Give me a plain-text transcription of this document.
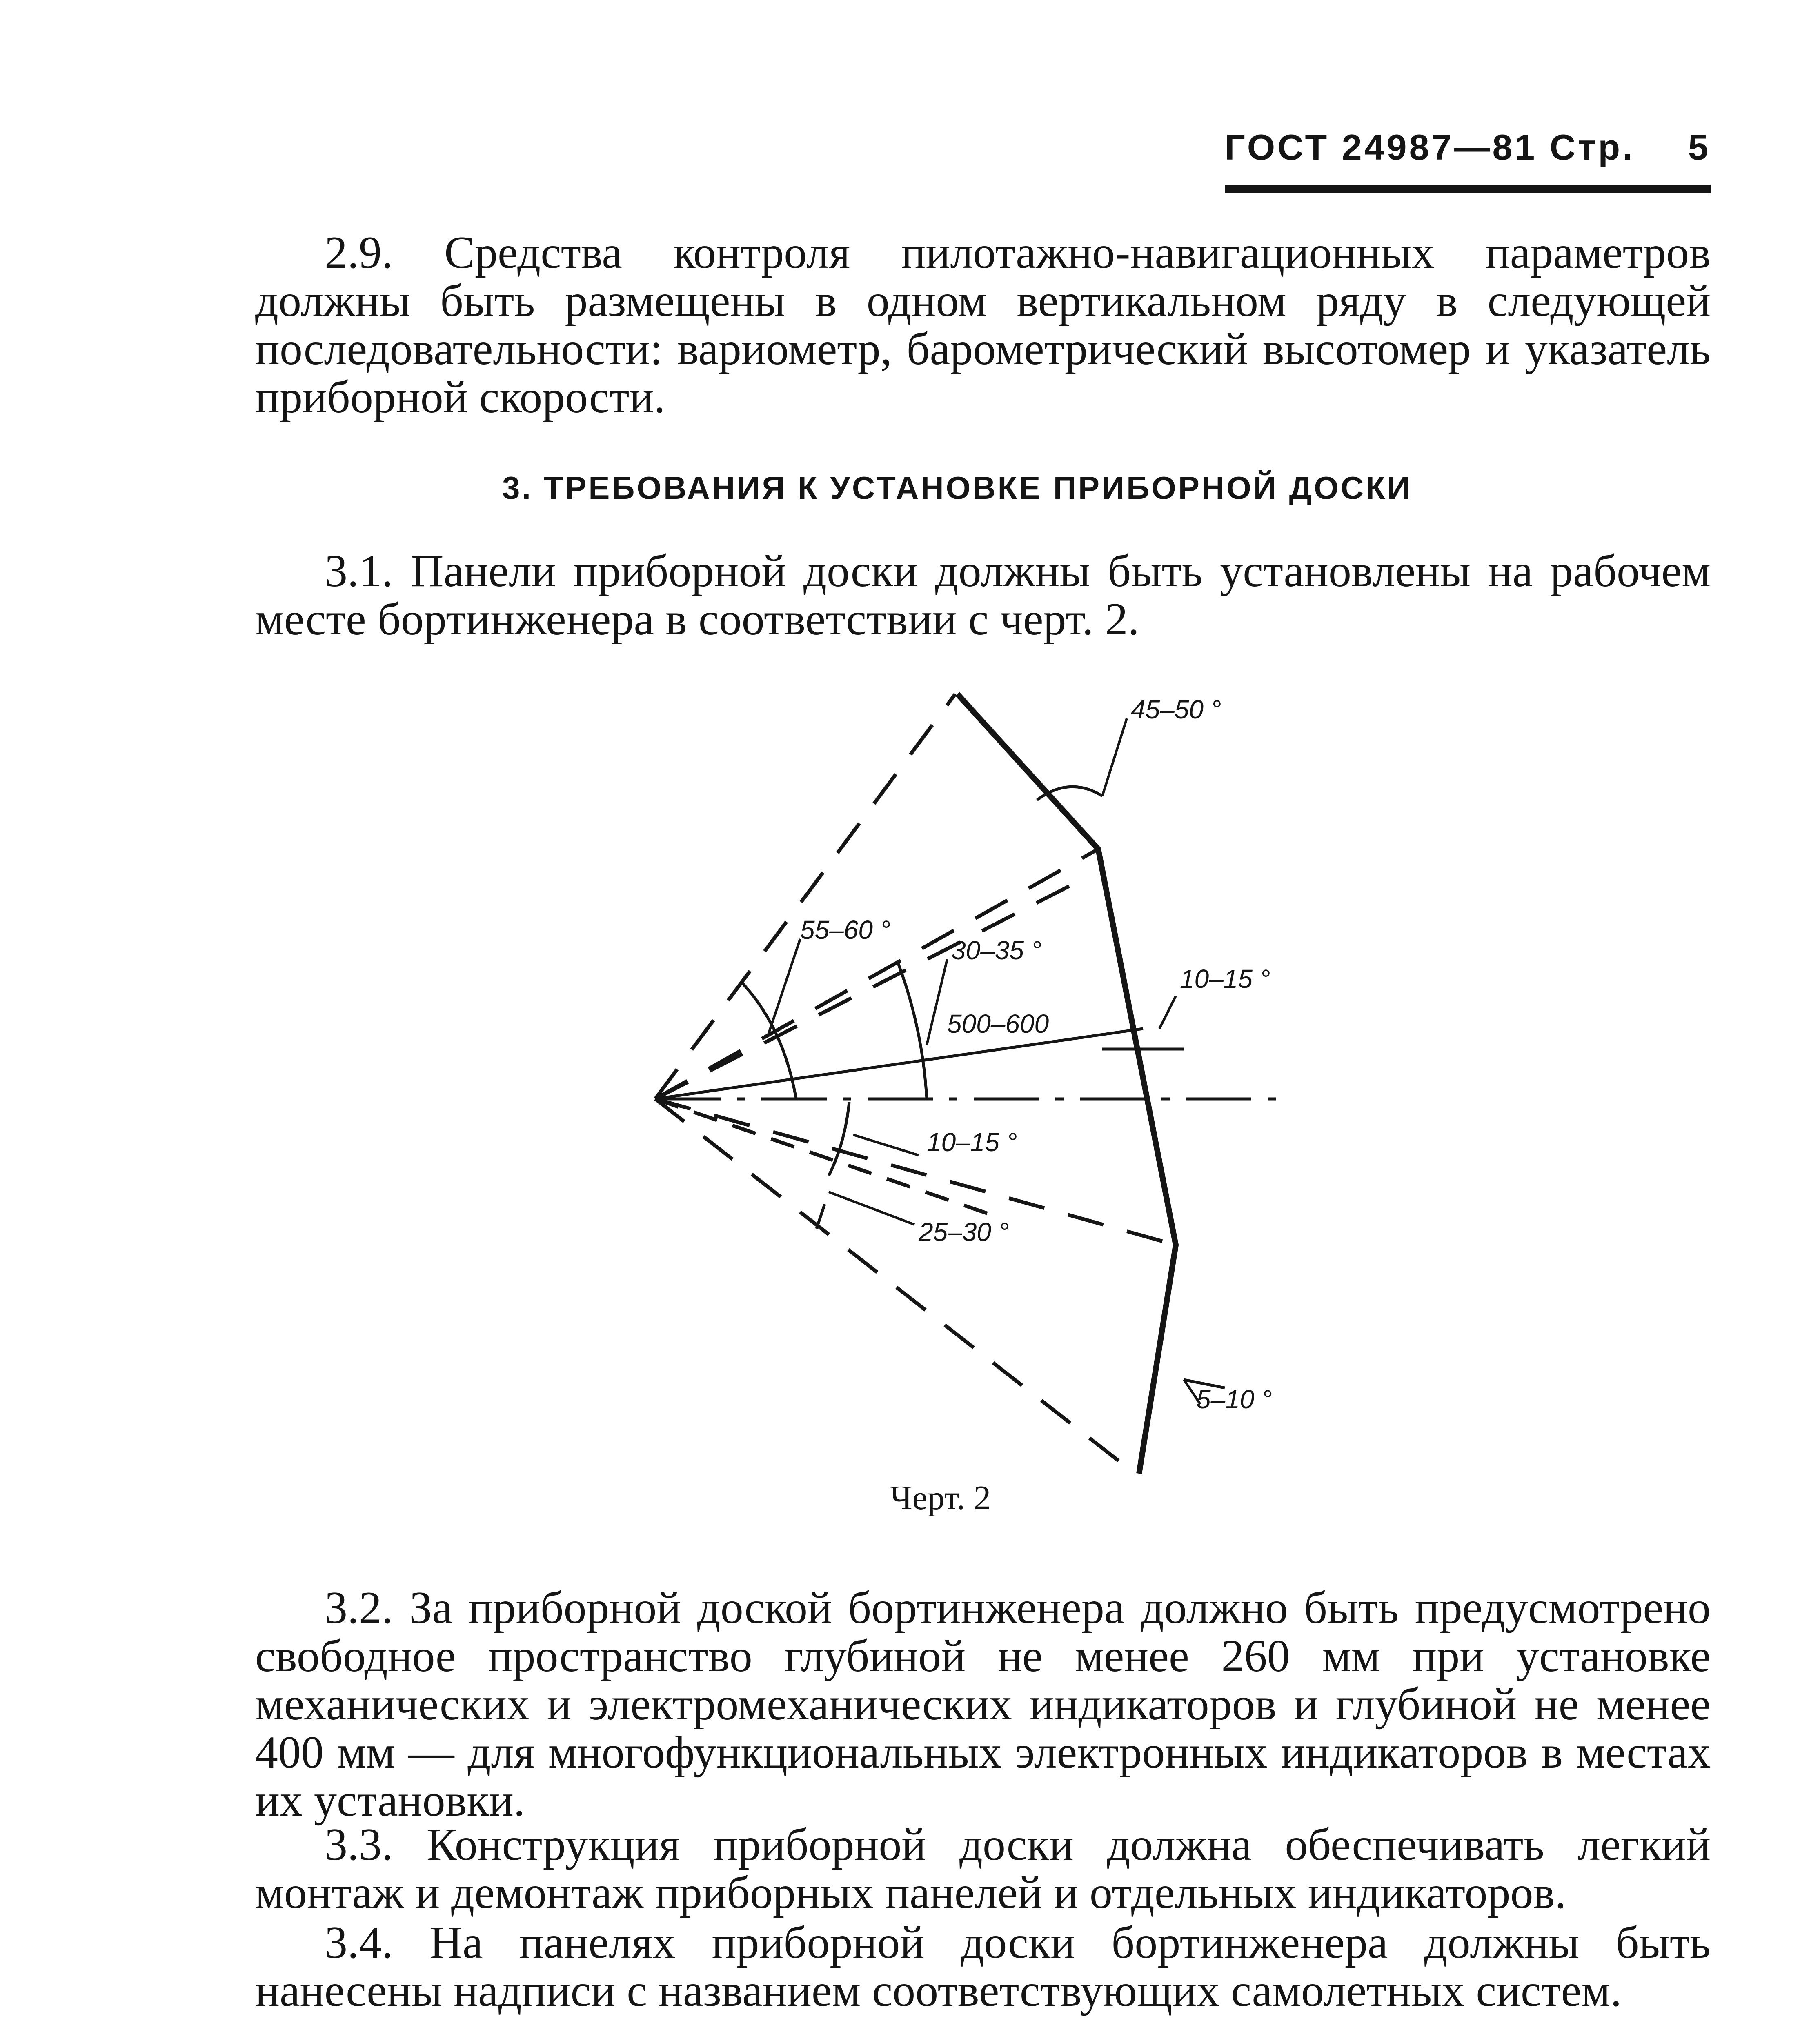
ГОСТ 24987—81 Стр. 5

2.9. Средства контроля пилотажно-навигационных параметров должны быть размещены в одном вертикальном ряду в следующей последовательности: вариометр, барометрический высотомер и указатель приборной скорости.

3. ТРЕБОВАНИЯ К УСТАНОВКЕ ПРИБОРНОЙ ДОСКИ

3.1. Панели приборной доски должны быть установлены на рабочем месте бортинженера в соответствии с черт. 2.

45–50 °
55–60 °
30–35 °
500–600
10–15 °
10–15 °
25–30 °
5–10 °
Черт. 2

3.2. За приборной доской бортинженера должно быть предусмотрено свободное пространство глубиной не менее 260 мм при установке механических и электромеханических индикаторов и глубиной не менее 400 мм — для многофункциональных электронных индикаторов в местах их установки.

3.3. Конструкция приборной доски должна обеспечивать легкий монтаж и демонтаж приборных панелей и отдельных индикаторов.

3.4. На панелях приборной доски бортинженера должны быть нанесены надписи с названием соответствующих самолетных систем.
